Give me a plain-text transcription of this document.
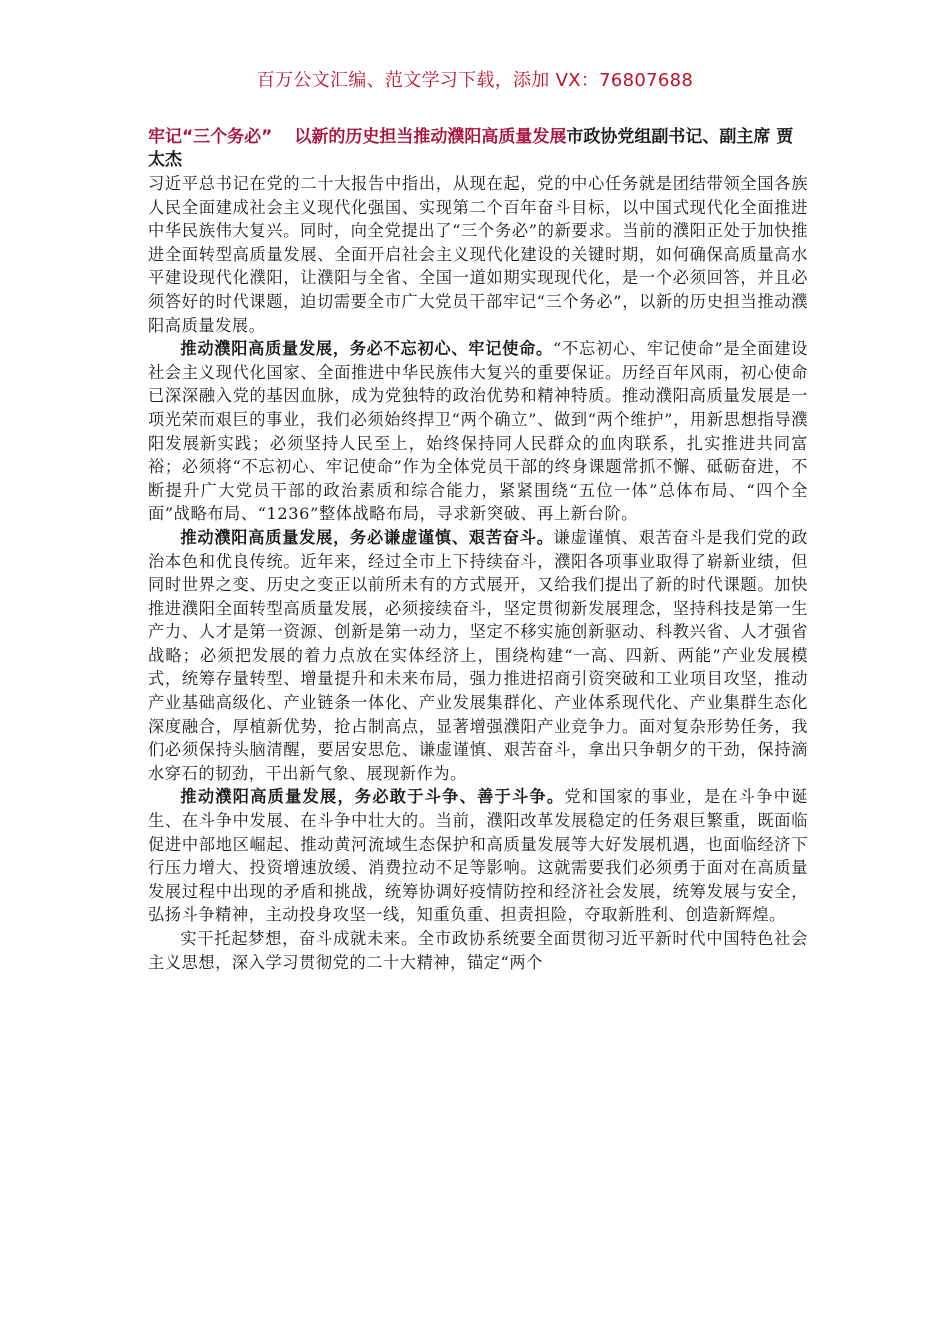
百万公文汇编、范文学习下载，添加 VX：76807688

牢记“三个务必” 以新的历史担当推动濮阳高质量发展市政协党组副书记、副主席 贾太杰

习近平总书记在党的二十大报告中指出，从现在起，党的中心任务就是团结带领全国各族人民全面建成社会主义现代化强国、实现第二个百年奋斗目标，以中国式现代化全面推进中华民族伟大复兴。同时，向全党提出了“三个务必”的新要求。当前的濮阳正处于加快推进全面转型高质量发展、全面开启社会主义现代化建设的关键时期，如何确保高质量高水平建设现代化濮阳，让濮阳与全省、全国一道如期实现现代化，是一个必须回答，并且必须答好的时代课题，迫切需要全市广大党员干部牢记“三个务必”，以新的历史担当推动濮阳高质量发展。

推动濮阳高质量发展，务必不忘初心、牢记使命。“不忘初心、牢记使命”是全面建设社会主义现代化国家、全面推进中华民族伟大复兴的重要保证。历经百年风雨，初心使命已深深融入党的基因血脉，成为党独特的政治优势和精神特质。推动濮阳高质量发展是一项光荣而艰巨的事业，我们必须始终捍卫“两个确立”、做到“两个维护”，用新思想指导濮阳发展新实践；必须坚持人民至上，始终保持同人民群众的血肉联系，扎实推进共同富裕；必须将“不忘初心、牢记使命”作为全体党员干部的终身课题常抓不懈、砥砺奋进，不断提升广大党员干部的政治素质和综合能力，紧紧围绕“五位一体”总体布局、“四个全面”战略布局、“1236”整体战略布局，寻求新突破、再上新台阶。

推动濮阳高质量发展，务必谦虚谨慎、艰苦奋斗。谦虚谨慎、艰苦奋斗是我们党的政治本色和优良传统。近年来，经过全市上下持续奋斗，濮阳各项事业取得了崭新业绩，但同时世界之变、历史之变正以前所未有的方式展开，又给我们提出了新的时代课题。加快推进濮阳全面转型高质量发展，必须接续奋斗，坚定贯彻新发展理念，坚持科技是第一生产力、人才是第一资源、创新是第一动力，坚定不移实施创新驱动、科教兴省、人才强省战略；必须把发展的着力点放在实体经济上，围绕构建“一高、四新、两能”产业发展模式，统筹存量转型、增量提升和未来布局，强力推进招商引资突破和工业项目攻坚，推动产业基础高级化、产业链条一体化、产业发展集群化、产业体系现代化、产业集群生态化深度融合，厚植新优势，抢占制高点，显著增强濮阳产业竞争力。面对复杂形势任务，我们必须保持头脑清醒，要居安思危、谦虚谨慎、艰苦奋斗，拿出只争朝夕的干劲，保持滴水穿石的韧劲，干出新气象、展现新作为。

推动濮阳高质量发展，务必敢于斗争、善于斗争。党和国家的事业，是在斗争中诞生、在斗争中发展、在斗争中壮大的。当前，濮阳改革发展稳定的任务艰巨繁重，既面临促进中部地区崛起、推动黄河流域生态保护和高质量发展等大好发展机遇，也面临经济下行压力增大、投资增速放缓、消费拉动不足等影响。这就需要我们必须勇于面对在高质量发展过程中出现的矛盾和挑战，统筹协调好疫情防控和经济社会发展，统筹发展与安全，弘扬斗争精神，主动投身攻坚一线，知重负重、担责担险，夺取新胜利、创造新辉煌。

实干托起梦想，奋斗成就未来。全市政协系统要全面贯彻习近平新时代中国特色社会主义思想，深入学习贯彻党的二十大精神，锚定“两个
